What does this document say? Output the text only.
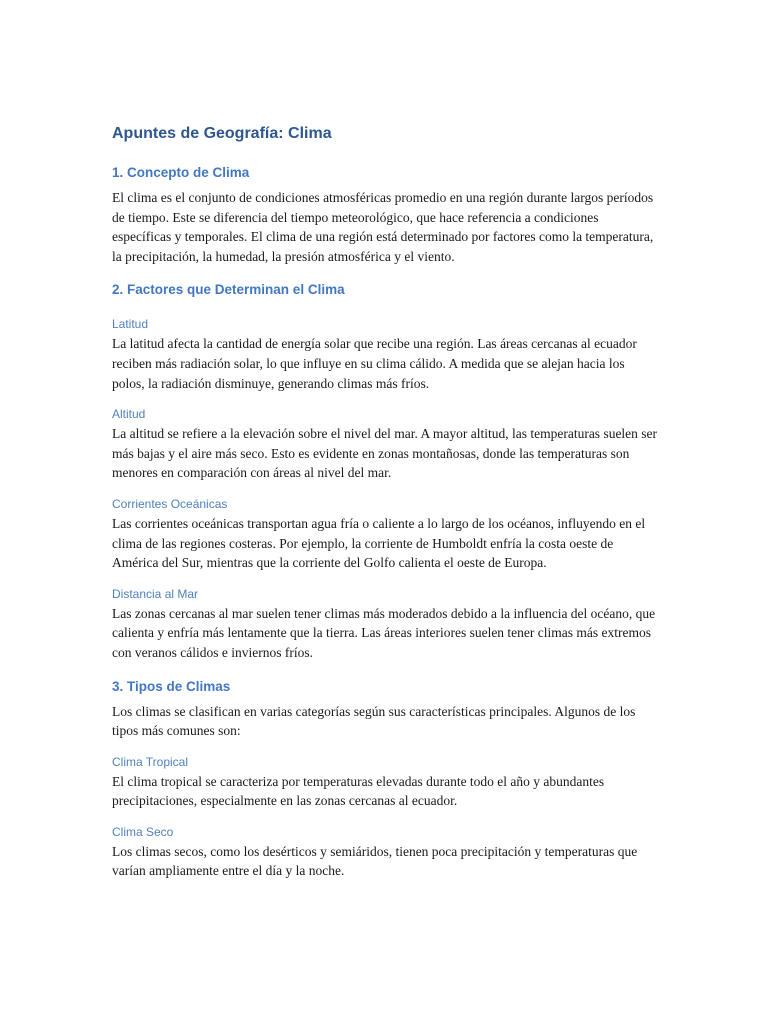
Apuntes de Geografía: Clima
1. Concepto de Clima

El clima es el conjunto de condiciones atmosféricas promedio en una región durante largos períodos de tiempo. Este se diferencia del tiempo meteorológico, que hace referencia a condiciones específicas y temporales. El clima de una región está determinado por factores como la temperatura, la precipitación, la humedad, la presión atmosférica y el viento.

2. Factores que Determinan el Clima
Latitud

La latitud afecta la cantidad de energía solar que recibe una región. Las áreas cercanas al ecuador reciben más radiación solar, lo que influye en su clima cálido. A medida que se alejan hacia los polos, la radiación disminuye, generando climas más fríos.

Altitud

La altitud se refiere a la elevación sobre el nivel del mar. A mayor altitud, las temperaturas suelen ser más bajas y el aire más seco. Esto es evidente en zonas montañosas, donde las temperaturas son menores en comparación con áreas al nivel del mar.

Corrientes Oceánicas

Las corrientes oceánicas transportan agua fría o caliente a lo largo de los océanos, influyendo en el clima de las regiones costeras. Por ejemplo, la corriente de Humboldt enfría la costa oeste de América del Sur, mientras que la corriente del Golfo calienta el oeste de Europa.

Distancia al Mar

Las zonas cercanas al mar suelen tener climas más moderados debido a la influencia del océano, que calienta y enfría más lentamente que la tierra. Las áreas interiores suelen tener climas más extremos con veranos cálidos e inviernos fríos.

3. Tipos de Climas

Los climas se clasifican en varias categorías según sus características principales. Algunos de los tipos más comunes son:

Clima Tropical

El clima tropical se caracteriza por temperaturas elevadas durante todo el año y abundantes precipitaciones, especialmente en las zonas cercanas al ecuador.

Clima Seco

Los climas secos, como los desérticos y semiáridos, tienen poca precipitación y temperaturas que varían ampliamente entre el día y la noche.
